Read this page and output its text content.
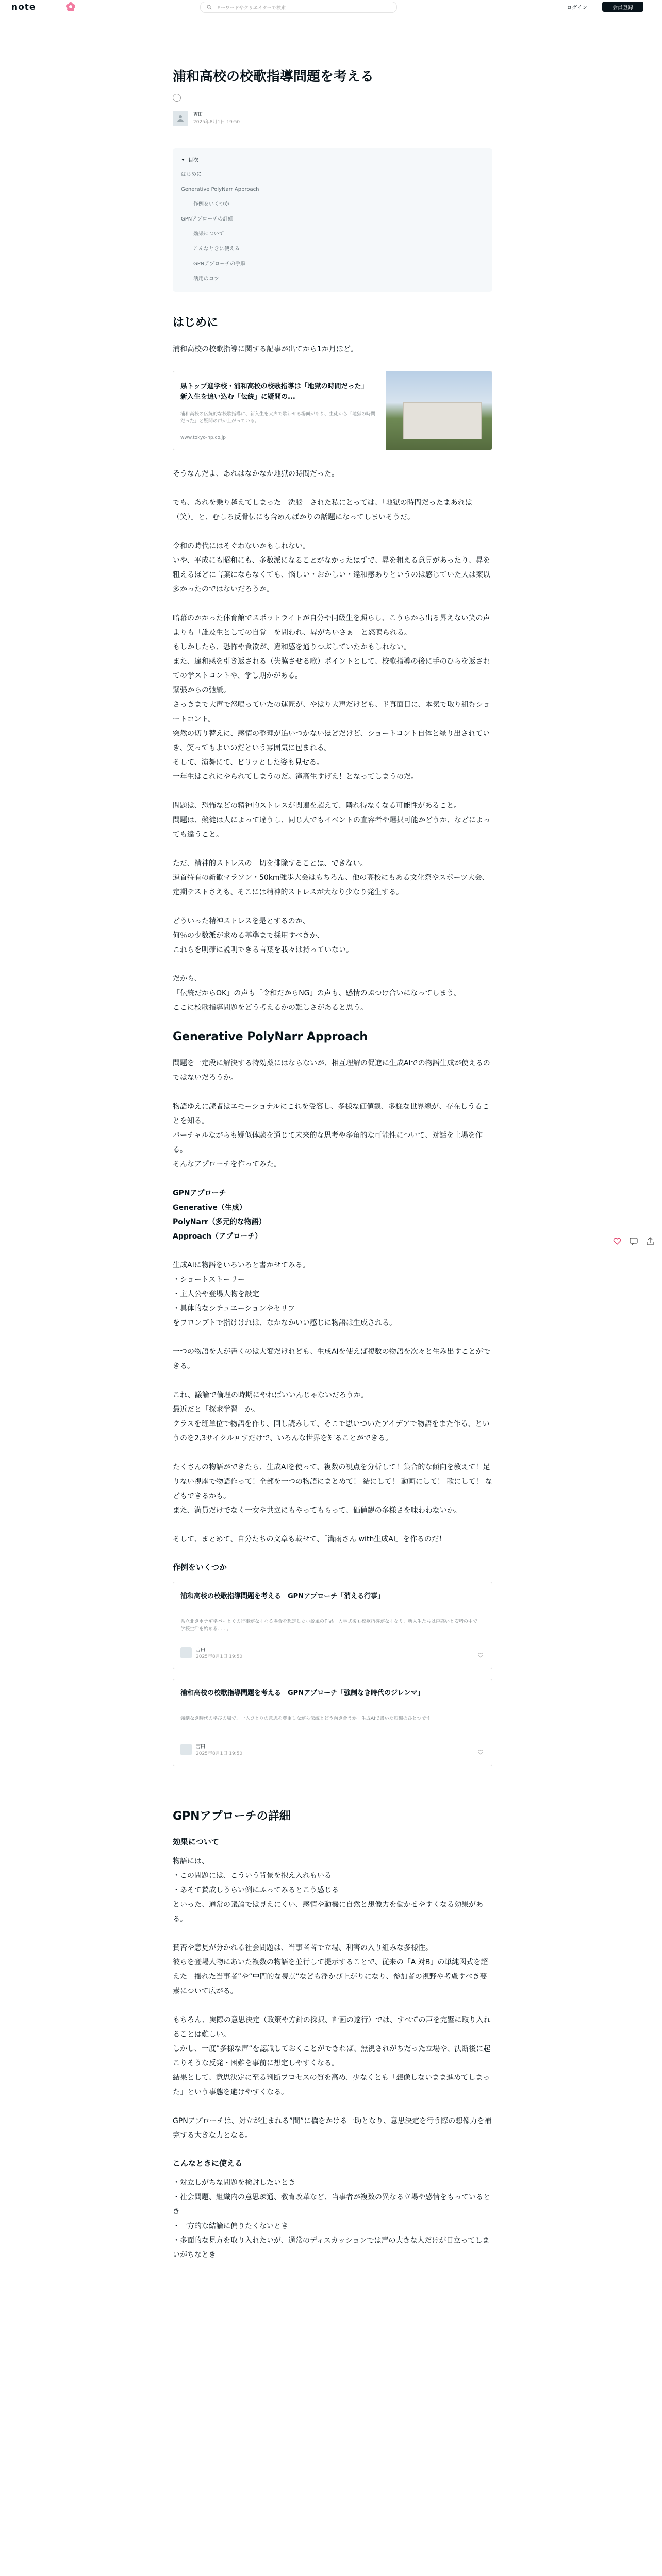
note	キーワードやクリエイターで検索	ログイン	会員登録
浦和高校の校歌指導問題を考える
吉田
2025年8月1日 19:50
目次
はじめに
Generative PolyNarr Approach
作例をいくつか
GPNアプローチの詳細
効果について
こんなときに使える
GPNアプローチの手順
活用のコツ
はじめに

浦和高校の校歌指導に関する記事が出てから1か月ほど。

県トップ進学校・浦和高校の校歌指導は「地獄の時間だった」 新入生を追い込む「伝統」に疑問の...
浦和高校の伝統的な校歌指導に、新入生を大声で歌わせる場面があり、生徒から「地獄の時間だった」と疑問の声が上がっている。
www.tokyo-np.co.jp

そうなんだよ、あれはなかなか地獄の時間だった。

でも、あれを乗り越えてしまった「洗脳」された私にとっては、「地獄の時間だったまあれは（笑）」と、むしろ反骨伝にも含めんばかりの話題になってしまいそうだ。

令和の時代にはそぐわないかもしれない。
いや、平成にも昭和にも、多数派になることがなかったはずで、昇を粗える意見があったり、昇を粗えるほどに言葉にならなくても、悩しい・おかしい・違和感ありというのは感じていた人は案以多かったのではないだろうか。

暗幕のかかった体育館でスポットライトが自分や同級生を照らし、こうらから出る昇えない笑の声よりも「誰及生としての自覚」を問われ、昇がちいさぁ」と怒鳴られる。
もしかしたら、恐怖や食欲が、違和感を通りつぶしていたかもしれない。
また、違和感を引き返される（失脇させる歌）ポイントとして、校歌指導の後に手のひらを返されての学ストコントや、学し期かがある。
緊張からの弛緩。
さっきまで大声で怒鳴っていたの運匠が、やはり大声だけども、ド真面目に、本気で取り組むショートコント。
突然の切り替えに、感情の整理が追いつかないほどだけど、ショートコント自体と緑り出されていき、笑ってもよいのだという雰囲気に包まれる。
そして、演舞にて、ビリッとした姿も見せる。
一年生はこれにやられてしまうのだ。滝高生すげえ！となってしまうのだ。

問題は、恐怖などの精神的ストレスが関連を超えて、隣れ得なくなる可能性があること。
問題は、競徒は人によって違うし、同じ人でもイベントの直容者や選択可能かどうか、などによっても違うこと。

ただ、精神的ストレスの一切を排除することは、できない。
運首特有の新歓マラソン・50km強歩大会はもちろん、他の高校にもある文化祭やスポーツ大会、定期テストさえも、そこには精神的ストレスが大なり少なり発生する。

どういった精神ストレスを是とするのか、
何％の少数派が求める基準まで採用すべきか、
これらを明確に説明できる言葉を我々は持っていない。

だから、
「伝統だからOK」の声も「令和だからNG」の声も、感情のぶつけ合いになってしまう。
ここに校歌指導問題をどう考えるかの難しさがあると思う。

Generative PolyNarr Approach

問題を一定段に解決する特効薬にはならないが、相互理解の促進に生成AIでの物語生成が使えるのではないだろうか。

物語ゆえに読者はエモーショナルにこれを受容し、多様な価値観、多様な世界線が、存在しうることを知る。
バーチャルながらも疑似体験を通じて未来的な思考や多角的な可能性について、対話を上場を作る。
そんなアプローチを作ってみた。

GPNアプローチ
Generative（生成）
PolyNarr（多元的な物語）
Approach（アプローチ）

生成AIに物語をいろいろと書かせてみる。
・ショートストーリー
・主人公や登場人物を設定
・具体的なシチュエーションやセリフ
をプロンプトで指けけれは、なかなかいい感じに物語は生成される。

一つの物語を人が書くのは大変だけれども、生成AIを使えば複数の物語を次々と生み出すことができる。

これ、議論で倫理の時期にやればいいんじゃないだろうか。
最近だと「探求学習」か。
クラスを班単位で物語を作り、回し読みして、そこで思いついたアイデアで物語をまた作る、というのを2,3サイクル回すだけで、いろんな世界を知ることができる。

たくさんの物語ができたら、生成AIを使って、複数の視点を分析して！集合的な傾向を教えて！足りない視座で物語作って！全部を一つの物語にまとめて！ 結にして！ 動画にして！ 歌にして！ などもできるかも。
また、満員だけでなく一女や共立にもやってもらって、価値観の多様さを味わわないか。

そして、まとめて、自分たちの文章も載せて、「溝雨さん with生成AI」を作るのだ！

作例をいくつか
浦和高校の校歌指導問題を考える　GPNアプローチ「消える行事」
県立北きホナギ学パーとぐの行事がなくなる場合を想定した小説風の作品。入学式後も校歌指導がなくなり、新入生たちは戸惑いと安堵の中で学校生活を始める……。
吉田
2025年8月1日 19:50
浦和高校の校歌指導問題を考える　GPNアプローチ「強制なき時代のジレンマ」
強制なき時代の学びの場で、一人ひとりの意思を尊重しながら伝統とどう向き合うか。生成AIで書いた短編のひとつです。
吉田
2025年8月1日 19:50
GPNアプローチの詳細
効果について

物語には、
・この問題には、こういう背景を抱え入れもいる
・あそて賛成しうらい例にふってみるとこう感じる
といった、通常の議論では見えにくい、感情や動機に自然と想像力を働かせやすくなる効果がある。

賛否や意見が分かれる社会問題は、当事者者で立場、利害の入り組みな多様性。
彼らを登場人物にあいた複数の物語を並行して提示することで、従来の「A 対B」の単純図式を超えた「揺れた当事者”や“中間的な視点”なども浮かび上がりになり、参加者の視野や考慮すべき要素について広がる。

もちろん、実際の意思決定（政策や方針の採択、計画の遂行）では、すべての声を完璧に取り入れることは難しい。
しかし、一度”多様な声”を認識しておくことができれば、無視されがちだった立場や、決断後に起こりそうな反発・困難を事前に想定しやすくなる。
結果として、意思決定に至る判断プロセスの質を高め、少なくとも「想像しないまま進めてしまった」という事態を避けやすくなる。

GPNアプローチは、対立が生まれる”間”に橋をかける一助となり、意思決定を行う際の想像力を補完する大きな力となる。

こんなときに使える

・対立しがちな問題を検討したいとき
・社会問題、組織内の意思疎通、教育改革など、当事者が複数の異なる立場や感情をもっているとき
・一方的な結論に偏りたくないとき
・多面的な見方を取り入れたいが、通常のディスカッションでは声の大きな人だけが目立ってしまいがちなとき
